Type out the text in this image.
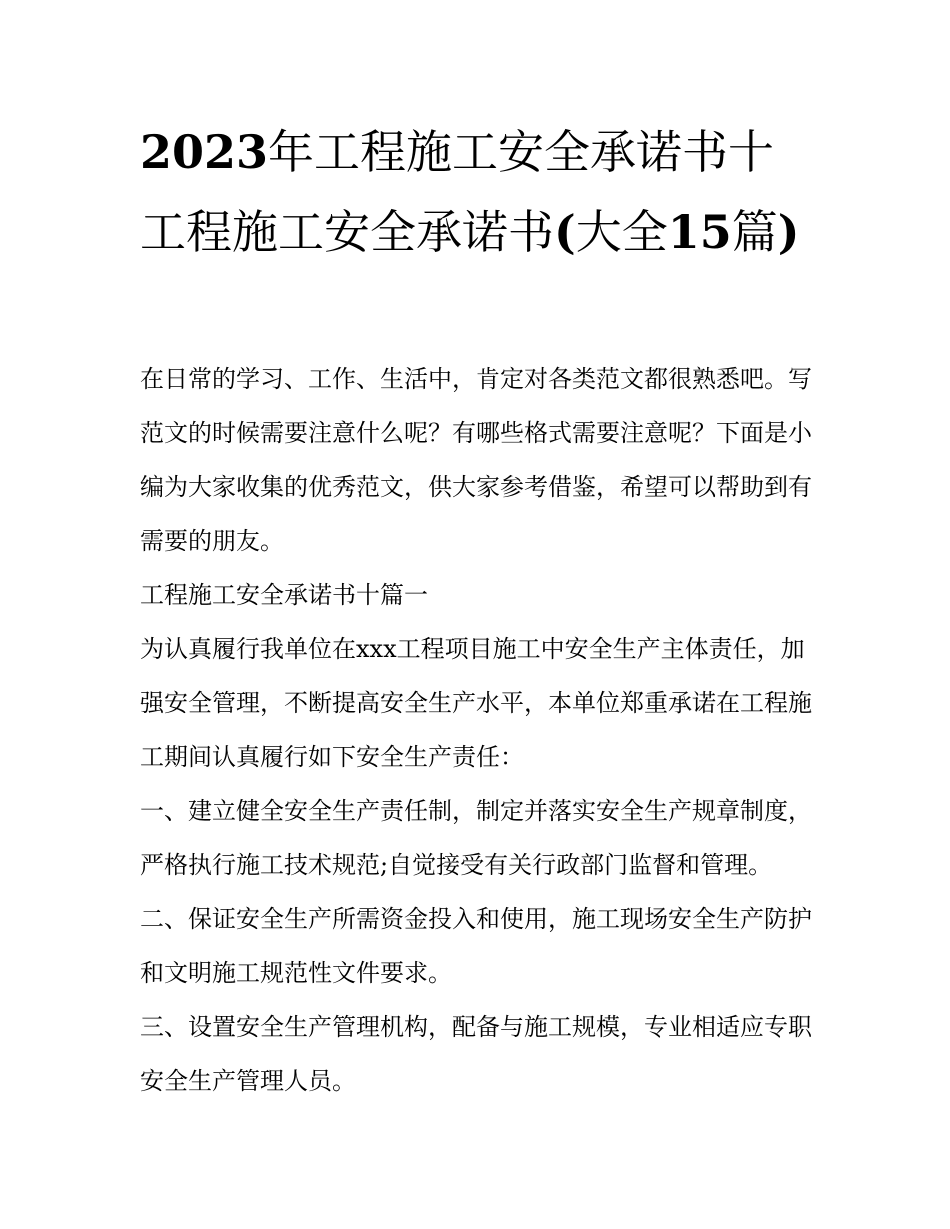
2023年工程施工安全承诺书十工程施工安全承诺书(大全15篇)

在日常的学习、工作、生活中，肯定对各类范文都很熟悉吧。写范文的时候需要注意什么呢？有哪些格式需要注意呢？下面是小编为大家收集的优秀范文，供大家参考借鉴，希望可以帮助到有需要的朋友。

工程施工安全承诺书十篇一

为认真履行我单位在xxx工程项目施工中安全生产主体责任，加强安全管理，不断提高安全生产水平，本单位郑重承诺在工程施工期间认真履行如下安全生产责任：

一、建立健全安全生产责任制，制定并落实安全生产规章制度，严格执行施工技术规范;自觉接受有关行政部门监督和管理。

二、保证安全生产所需资金投入和使用，施工现场安全生产防护和文明施工规范性文件要求。

三、设置安全生产管理机构，配备与施工规模，专业相适应专职安全生产管理人员。
